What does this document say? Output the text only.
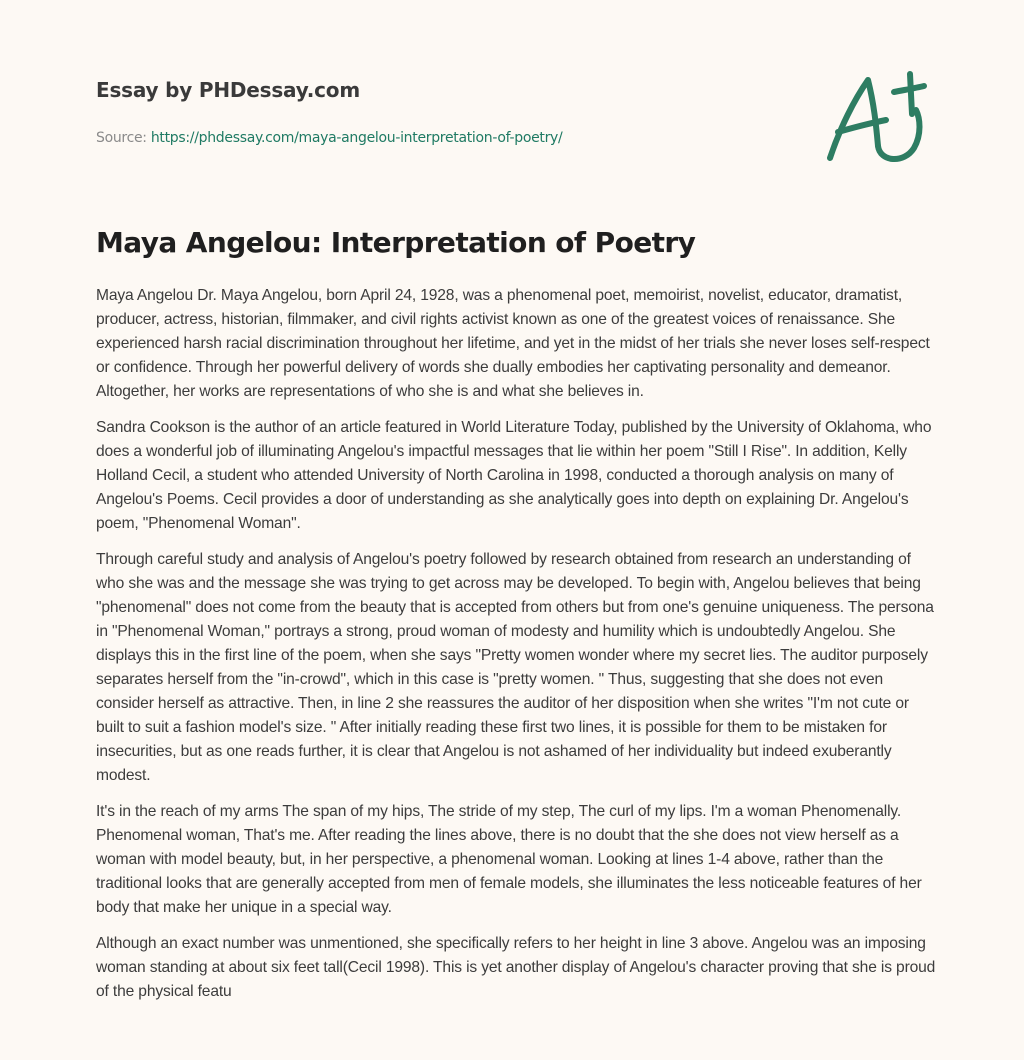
Essay by PHDessay.com
Source: https://phdessay.com/maya-angelou-interpretation-of-poetry/
Maya Angelou: Interpretation of Poetry

Maya Angelou Dr. Maya Angelou, born April 24, 1928, was a phenomenal poet, memoirist, novelist, educator, dramatist, producer, actress, historian, filmmaker, and civil rights activist known as one of the greatest voices of renaissance. She experienced harsh racial discrimination throughout her lifetime, and yet in the midst of her trials she never loses self-respect or confidence. Through her powerful delivery of words she dually embodies her captivating personality and demeanor. Altogether, her works are representations of who she is and what she believes in.

Sandra Cookson is the author of an article featured in World Literature Today, published by the University of Oklahoma, who does a wonderful job of illuminating Angelou's impactful messages that lie within her poem "Still I Rise". In addition, Kelly Holland Cecil, a student who attended University of North Carolina in 1998, conducted a thorough analysis on many of Angelou's Poems. Cecil provides a door of understanding as she analytically goes into depth on explaining Dr. Angelou's poem, "Phenomenal Woman".

Through careful study and analysis of Angelou's poetry followed by research obtained from research an understanding of who she was and the message she was trying to get across may be developed. To begin with, Angelou believes that being "phenomenal" does not come from the beauty that is accepted from others but from one's genuine uniqueness. The persona in "Phenomenal Woman," portrays a strong, proud woman of modesty and humility which is undoubtedly Angelou. She displays this in the first line of the poem, when she says "Pretty women wonder where my secret lies. The auditor purposely separates herself from the "in-crowd", which in this case is "pretty women. " Thus, suggesting that she does not even consider herself as attractive. Then, in line 2 she reassures the auditor of her disposition when she writes "I'm not cute or built to suit a fashion model's size. " After initially reading these first two lines, it is possible for them to be mistaken for insecurities, but as one reads further, it is clear that Angelou is not ashamed of her individuality but indeed exuberantly modest.

It's in the reach of my arms The span of my hips, The stride of my step, The curl of my lips. I'm a woman Phenomenally. Phenomenal woman, That's me. After reading the lines above, there is no doubt that the she does not view herself as a woman with model beauty, but, in her perspective, a phenomenal woman. Looking at lines 1-4 above, rather than the traditional looks that are generally accepted from men of female models, she illuminates the less noticeable features of her body that make her unique in a special way.

Although an exact number was unmentioned, she specifically refers to her height in line 3 above. Angelou was an imposing woman standing at about six feet tall(Cecil 1998). This is yet another display of Angelou's character proving that she is proud of the physical featu
